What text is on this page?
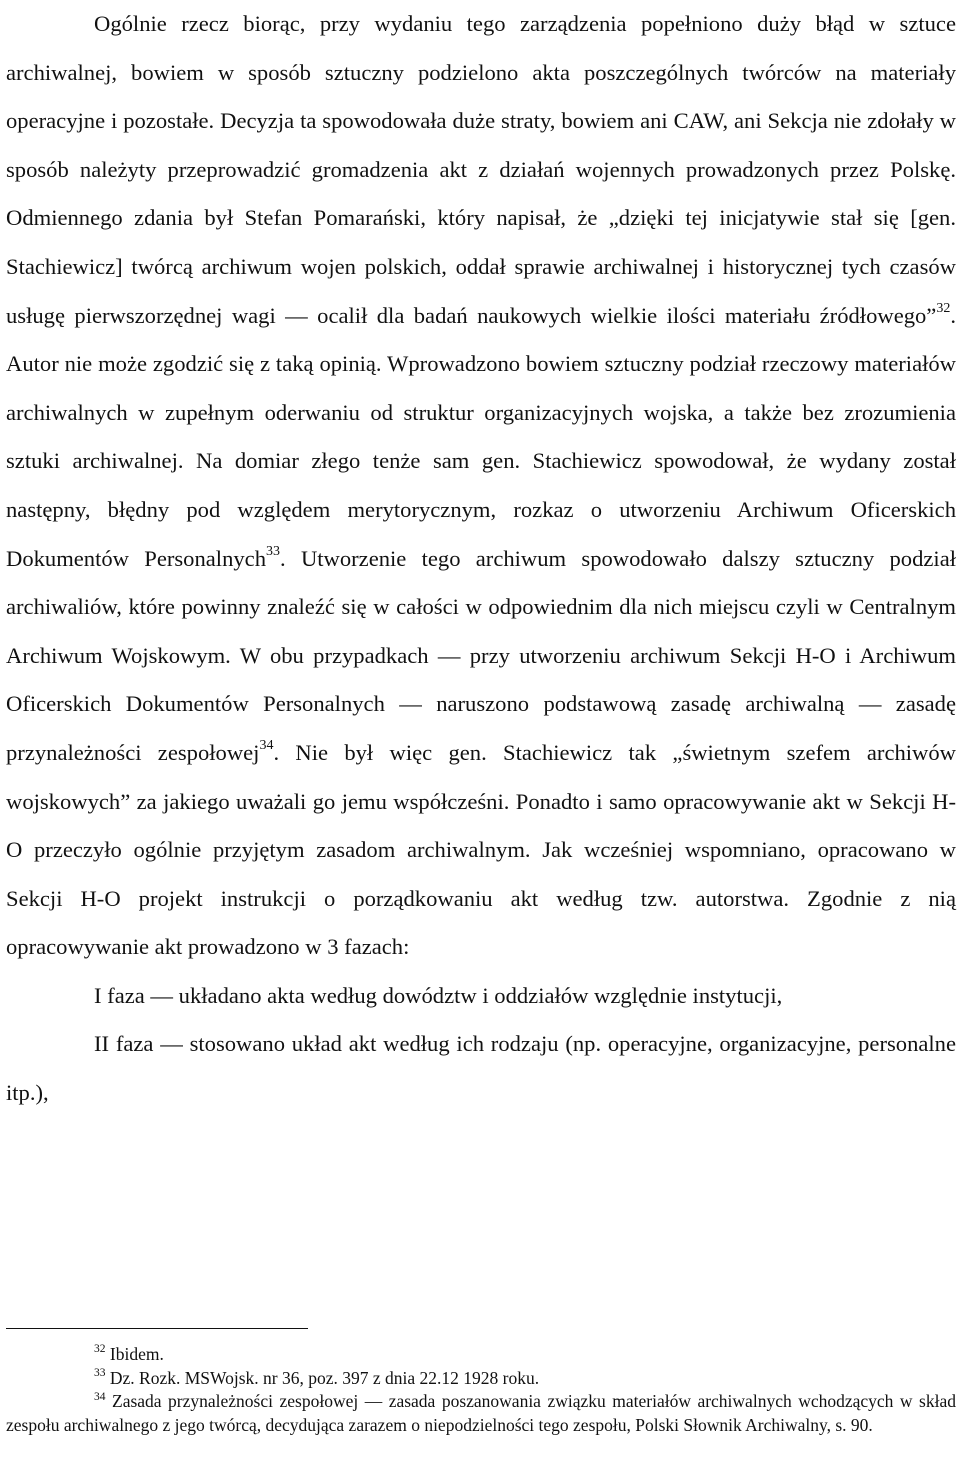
Ogólnie rzecz biorąc, przy wydaniu tego zarządzenia popełniono duży błąd w sztuce archiwalnej, bowiem w sposób sztuczny podzielono akta poszczególnych twórców na materiały operacyjne i pozostałe. Decyzja ta spowodowała duże straty, bowiem ani CAW, ani Sekcja nie zdołały w sposób należyty przeprowadzić gromadzenia akt z działań wojennych prowadzonych przez Polskę. Odmiennego zdania był Stefan Pomarański, który napisał, że „dzięki tej inicjatywie stał się [gen. Stachiewicz] twórcą archiwum wojen polskich, oddał sprawie archiwalnej i historycznej tych czasów usługę pierwszorzędnej wagi — ocalił dla badań naukowych wielkie ilości materiału źródłowego”$^{32}$. Autor nie może zgodzić się z taką opinią. Wprowadzono bowiem sztuczny podział rzeczowy materiałów archiwalnych w zupełnym oderwaniu od struktur organizacyjnych wojska, a także bez zrozumienia sztuki archiwalnej. Na domiar złego tenże sam gen. Stachiewicz spowodował, że wydany został następny, błędny pod względem merytorycznym, rozkaz o utworzeniu Archiwum Oficerskich Dokumentów Personalnych$^{33}$. Utworzenie tego archiwum spowodowało dalszy sztuczny podział archiwaliów, które powinny znaleźć się w całości w odpowiednim dla nich miejscu czyli w Centralnym Archiwum Wojskowym. W obu przypadkach — przy utworzeniu archiwum Sekcji H-O i Archiwum Oficerskich Dokumentów Personalnych — naruszono podstawową zasadę archiwalną — zasadę przynależności zespołowej$^{34}$. Nie był więc gen. Stachiewicz tak „świetnym szefem archiwów wojskowych” za jakiego uważali go jemu współcześni. Ponadto i samo opracowywanie akt w Sekcji H-O przeczyło ogólnie przyjętym zasadom archiwalnym. Jak wcześniej wspomniano, opracowano w Sekcji H-O projekt instrukcji o porządkowaniu akt według tzw. autorstwa. Zgodnie z nią opracowywanie akt prowadzono w 3 fazach:

I faza — układano akta według dowództw i oddziałów względnie instytucji,

II faza — stosowano układ akt według ich rodzaju (np. operacyjne, organizacyjne, personalne itp.),

$^{32}$ Ibidem.

$^{33}$ Dz. Rozk. MSWojsk. nr 36, poz. 397 z dnia 22.12 1928 roku.

$^{34}$ Zasada przynależności zespołowej — zasada poszanowania związku materiałów archiwalnych wchodzących w skład zespołu archiwalnego z jego twórcą, decydująca zarazem o niepodzielności tego zespołu, Polski Słownik Archiwalny, s. 90.
